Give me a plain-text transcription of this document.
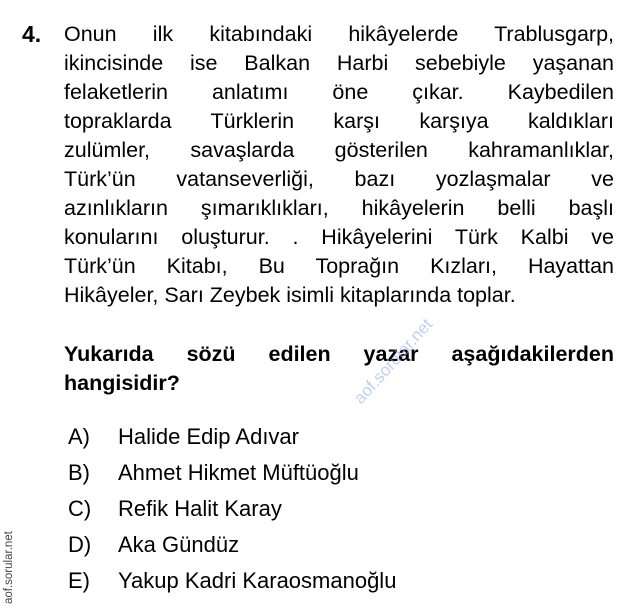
4. Onun ilk kitabındaki hikâyelerde Trablusgarp,
ikincisinde ise Balkan Harbi sebebiyle yaşanan
felaketlerin anlatımı öne çıkar. Kaybedilen
topraklarda Türklerin karşı karşıya kaldıkları
zulümler, savaşlarda gösterilen kahramanlıklar,
Türk’ün vatanseverliği, bazı yozlaşmalar ve
azınlıkların şımarıklıkları, hikâyelerin belli başlı
konularını oluşturur. . Hikâyelerini Türk Kalbi ve
Türk’ün Kitabı, Bu Toprağın Kızları, Hayattan
Hikâyeler, Sarı Zeybek isimli kitaplarında toplar.
Yukarıda sözü edilen yazar aşağıdakilerden
hangisidir?
A)	Halide Edip Adıvar
B)	Ahmet Hikmet Müftüoğlu
C)	Refik Halit Karay
D)	Aka Gündüz
E)	Yakup Kadri Karaosmanoğlu
aof.sorular.net
aof.sorular.net
